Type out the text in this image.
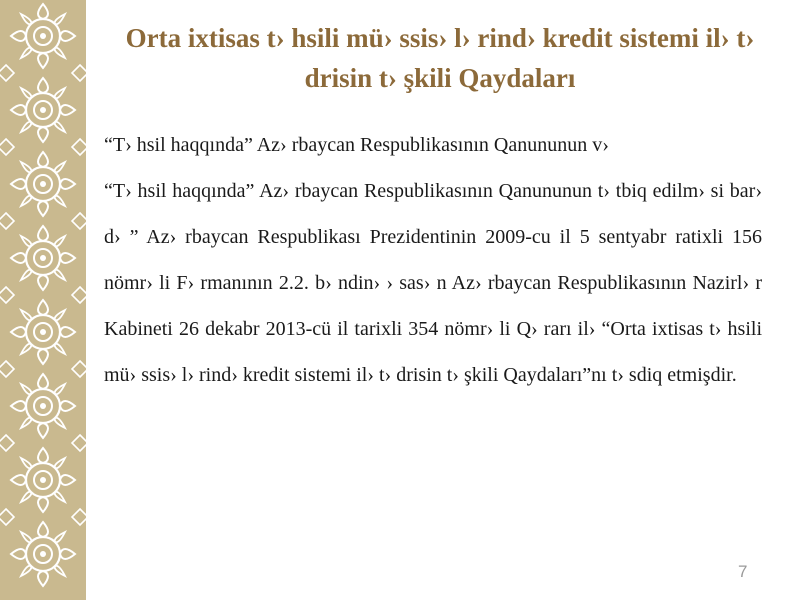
Orta ixtisas t› hsili mü› ssis› l› rind› kredit sistemi il› t› drisin t› şkili Qaydaları

“T› hsil haqqında” Az› rbaycan Respublikasının Qanununun v›

“T› hsil haqqında” Az› rbaycan Respublikasının Qanununun t› tbiq edilm› si bar› d› ” Az› rbaycan Respublikası Prezidentinin 2009-cu il 5 sentyabr ratixli 156 nömr› li F› rmanının 2.2. b› ndin› › sas› n Az› rbaycan Respublikasının Nazirl› r Kabineti 26 dekabr 2013-cü il tarixli 354 nömr› li Q› rarı il› “Orta ixtisas t› hsili mü› ssis› l› rind› kredit sistemi il› t› drisin t› şkili Qaydaları”nı t› sdiq etmişdir.

7
